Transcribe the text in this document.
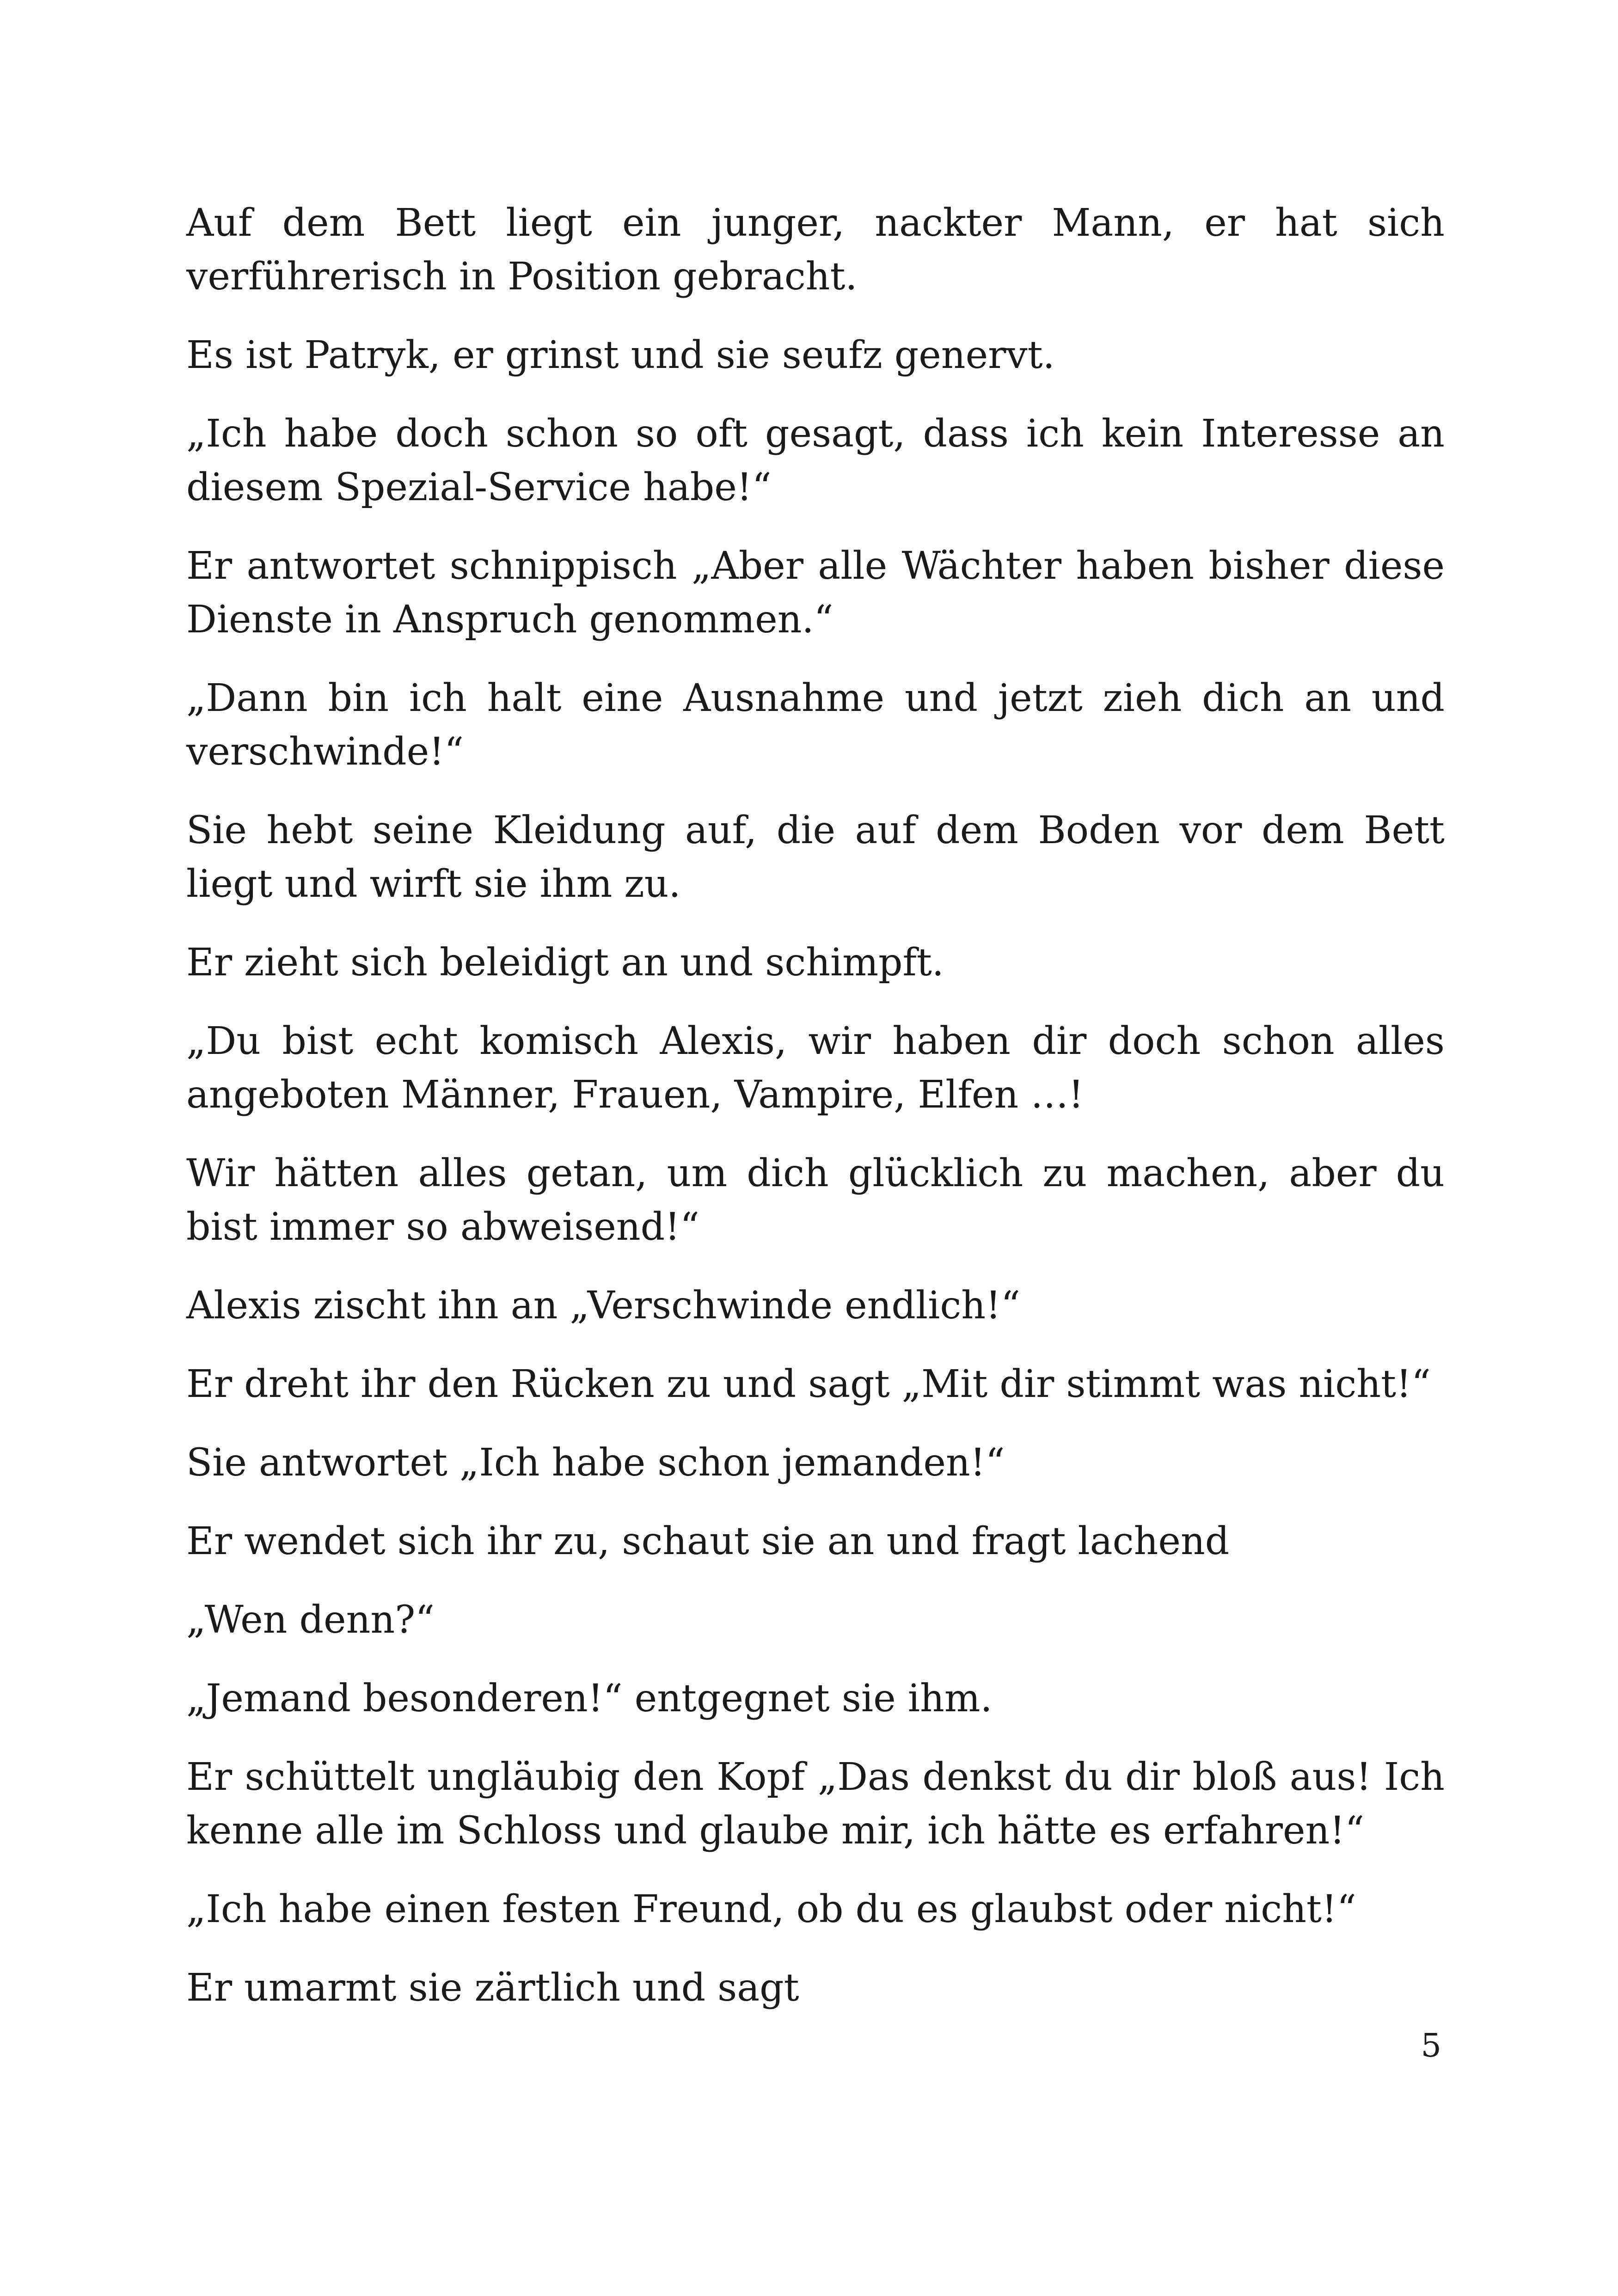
Auf dem Bett liegt ein junger, nackter Mann, er hat sich verführerisch in Position gebracht.

Es ist Patryk, er grinst und sie seufz genervt.

„Ich habe doch schon so oft gesagt, dass ich kein Interesse an diesem Spezial-Service habe!“

Er antwortet schnippisch „Aber alle Wächter haben bisher diese Dienste in Anspruch genommen.“

„Dann bin ich halt eine Ausnahme und jetzt zieh dich an und verschwinde!“

Sie hebt seine Kleidung auf, die auf dem Boden vor dem Bett liegt und wirft sie ihm zu.

Er zieht sich beleidigt an und schimpft.

„Du bist echt komisch Alexis, wir haben dir doch schon alles angeboten Männer, Frauen, Vampire, Elfen …!

Wir hätten alles getan, um dich glücklich zu machen, aber du bist immer so abweisend!“

Alexis zischt ihn an „Verschwinde endlich!“

Er dreht ihr den Rücken zu und sagt „Mit dir stimmt was nicht!“

Sie antwortet „Ich habe schon jemanden!“

Er wendet sich ihr zu, schaut sie an und fragt lachend

„Wen denn?“

„Jemand besonderen!“ entgegnet sie ihm.

Er schüttelt ungläubig den Kopf „Das denkst du dir bloß aus! Ich kenne alle im Schloss und glaube mir, ich hätte es erfahren!“

„Ich habe einen festen Freund, ob du es glaubst oder nicht!“

Er umarmt sie zärtlich und sagt

5
